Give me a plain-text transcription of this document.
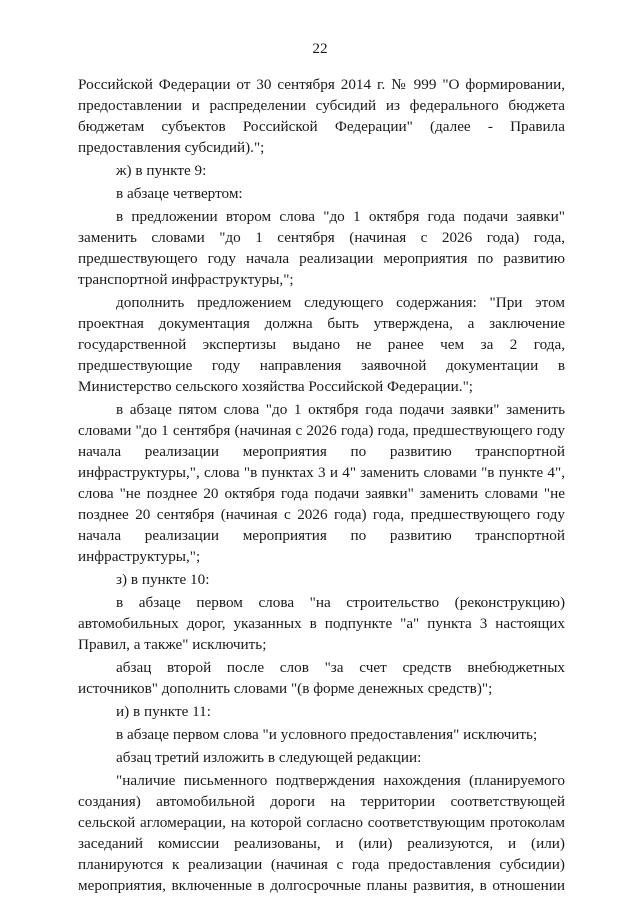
22

Российской Федерации от 30 сентября 2014 г. № 999 "О формировании, предоставлении и распределении субсидий из федерального бюджета бюджетам субъектов Российской Федерации" (далее - Правила предоставления субсидий).";

ж) в пункте 9:

в абзаце четвертом:

в предложении втором слова "до 1 октября года подачи заявки" заменить словами "до 1 сентября (начиная с 2026 года) года, предшествующего году начала реализации мероприятия по развитию транспортной инфраструктуры,";

дополнить предложением следующего содержания: "При этом проектная документация должна быть утверждена, а заключение государственной экспертизы выдано не ранее чем за 2 года, предшествующие году направления заявочной документации в Министерство сельского хозяйства Российской Федерации.";

в абзаце пятом слова "до 1 октября года подачи заявки" заменить словами "до 1 сентября (начиная с 2026 года) года, предшествующего году начала реализации мероприятия по развитию транспортной инфраструктуры,", слова "в пунктах 3 и 4" заменить словами "в пункте 4", слова "не позднее 20 октября года подачи заявки" заменить словами "не позднее 20 сентября (начиная с 2026 года) года, предшествующего году начала реализации мероприятия по развитию транспортной инфраструктуры,";

з) в пункте 10:

в абзаце первом слова "на строительство (реконструкцию) автомобильных дорог, указанных в подпункте "а" пункта 3 настоящих Правил, а также" исключить;

абзац второй после слов "за счет средств внебюджетных источников" дополнить словами "(в форме денежных средств)";

и) в пункте 11:

в абзаце первом слова "и условного предоставления" исключить;

абзац третий изложить в следующей редакции:

"наличие письменного подтверждения нахождения (планируемого создания) автомобильной дороги на территории соответствующей сельской агломерации, на которой согласно соответствующим протоколам заседаний комиссии реализованы, и (или) реализуются, и (или) планируются к реализации (начиная с года предоставления субсидии) мероприятия, включенные в долгосрочные планы развития, в отношении
